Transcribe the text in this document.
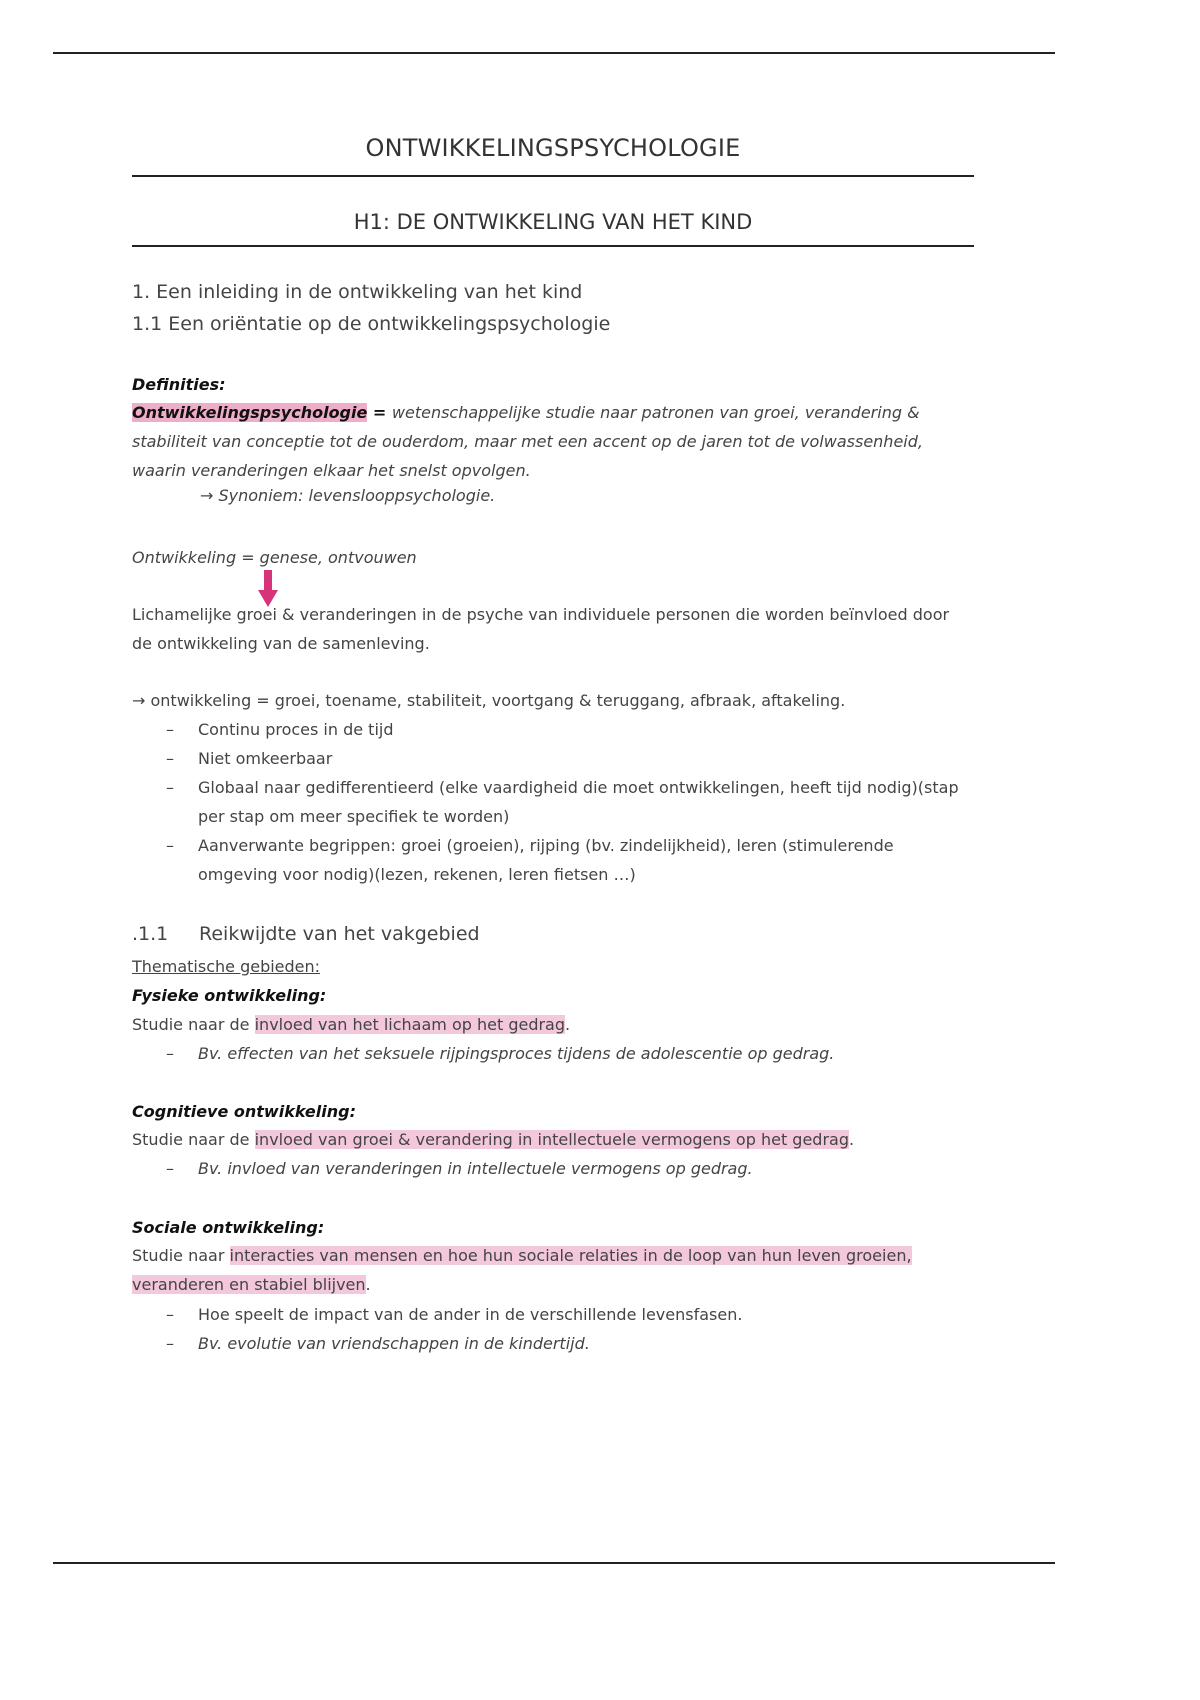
ONTWIKKELINGSPSYCHOLOGIE
H1: DE ONTWIKKELING VAN HET KIND
1. Een inleiding in de ontwikkeling van het kind
1.1 Een oriëntatie op de ontwikkelingspsychologie
Definities:
Ontwikkelingspsychologie = wetenschappelijke studie naar patronen van groei, verandering &
stabiliteit van conceptie tot de ouderdom, maar met een accent op de jaren tot de volwassenheid,
waarin veranderingen elkaar het snelst opvolgen.
→ Synoniem: levenslooppsychologie.
Ontwikkeling = genese, ontvouwen
Lichamelijke groei & veranderingen in de psyche van individuele personen die worden beïnvloed door de ontwikkeling van de samenleving.
→ ontwikkeling = groei, toename, stabiliteit, voortgang & teruggang, afbraak, aftakeling.
– Continu proces in de tijd
– Niet omkeerbaar
– Globaal naar gedifferentieerd (elke vaardigheid die moet ontwikkelingen, heeft tijd nodig)(stap per stap om meer specifiek te worden)
– Aanverwante begrippen: groei (groeien), rijping (bv. zindelijkheid), leren (stimulerende omgeving voor nodig)(lezen, rekenen, leren fietsen …)
.1.1 Reikwijdte van het vakgebied
Thematische gebieden:
Fysieke ontwikkeling:
Studie naar de invloed van het lichaam op het gedrag.
– Bv. effecten van het seksuele rijpingsproces tijdens de adolescentie op gedrag.
Cognitieve ontwikkeling:
Studie naar de invloed van groei & verandering in intellectuele vermogens op het gedrag.
– Bv. invloed van veranderingen in intellectuele vermogens op gedrag.
Sociale ontwikkeling:
Studie naar interacties van mensen en hoe hun sociale relaties in de loop van hun leven groeien,
veranderen en stabiel blijven.
– Hoe speelt de impact van de ander in de verschillende levensfasen.
– Bv. evolutie van vriendschappen in de kindertijd.
